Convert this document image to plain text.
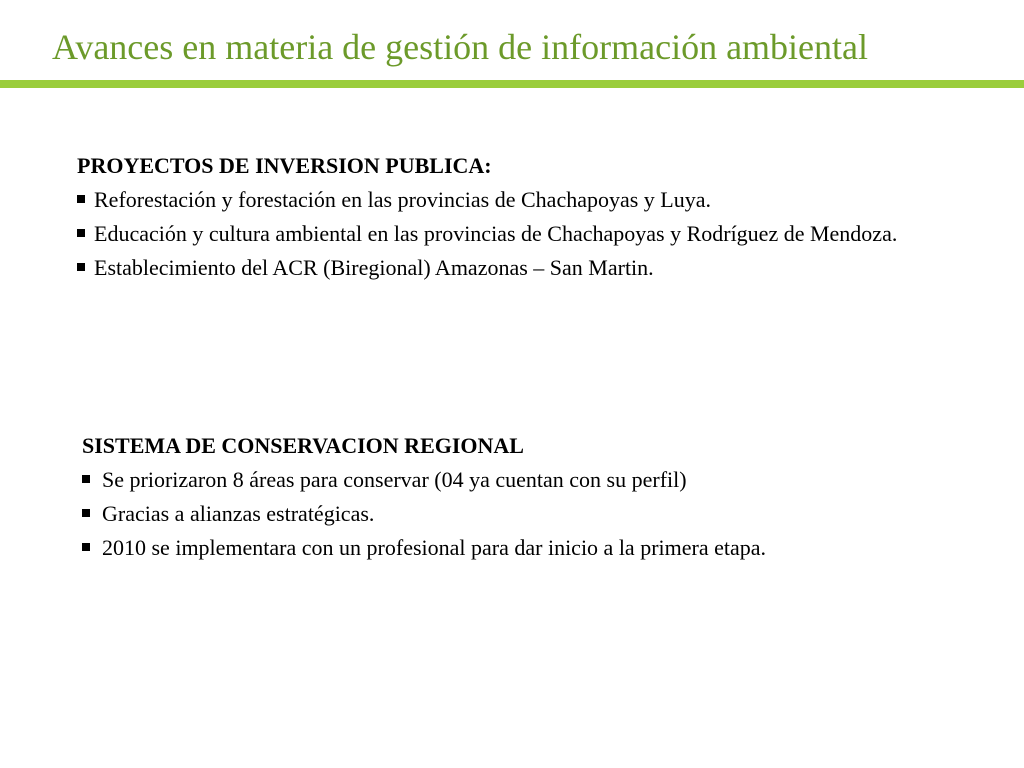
Avances en materia de gestión de información ambiental
PROYECTOS DE INVERSION PUBLICA:
Reforestación y forestación en las provincias de Chachapoyas y Luya.
Educación y cultura ambiental en las provincias de Chachapoyas y Rodríguez de Mendoza.
Establecimiento del ACR (Biregional) Amazonas – San Martin.
SISTEMA DE CONSERVACION REGIONAL
Se priorizaron 8 áreas para conservar (04 ya cuentan con su perfil)
Gracias a alianzas estratégicas.
2010 se implementara con un profesional para dar inicio a la primera etapa.
